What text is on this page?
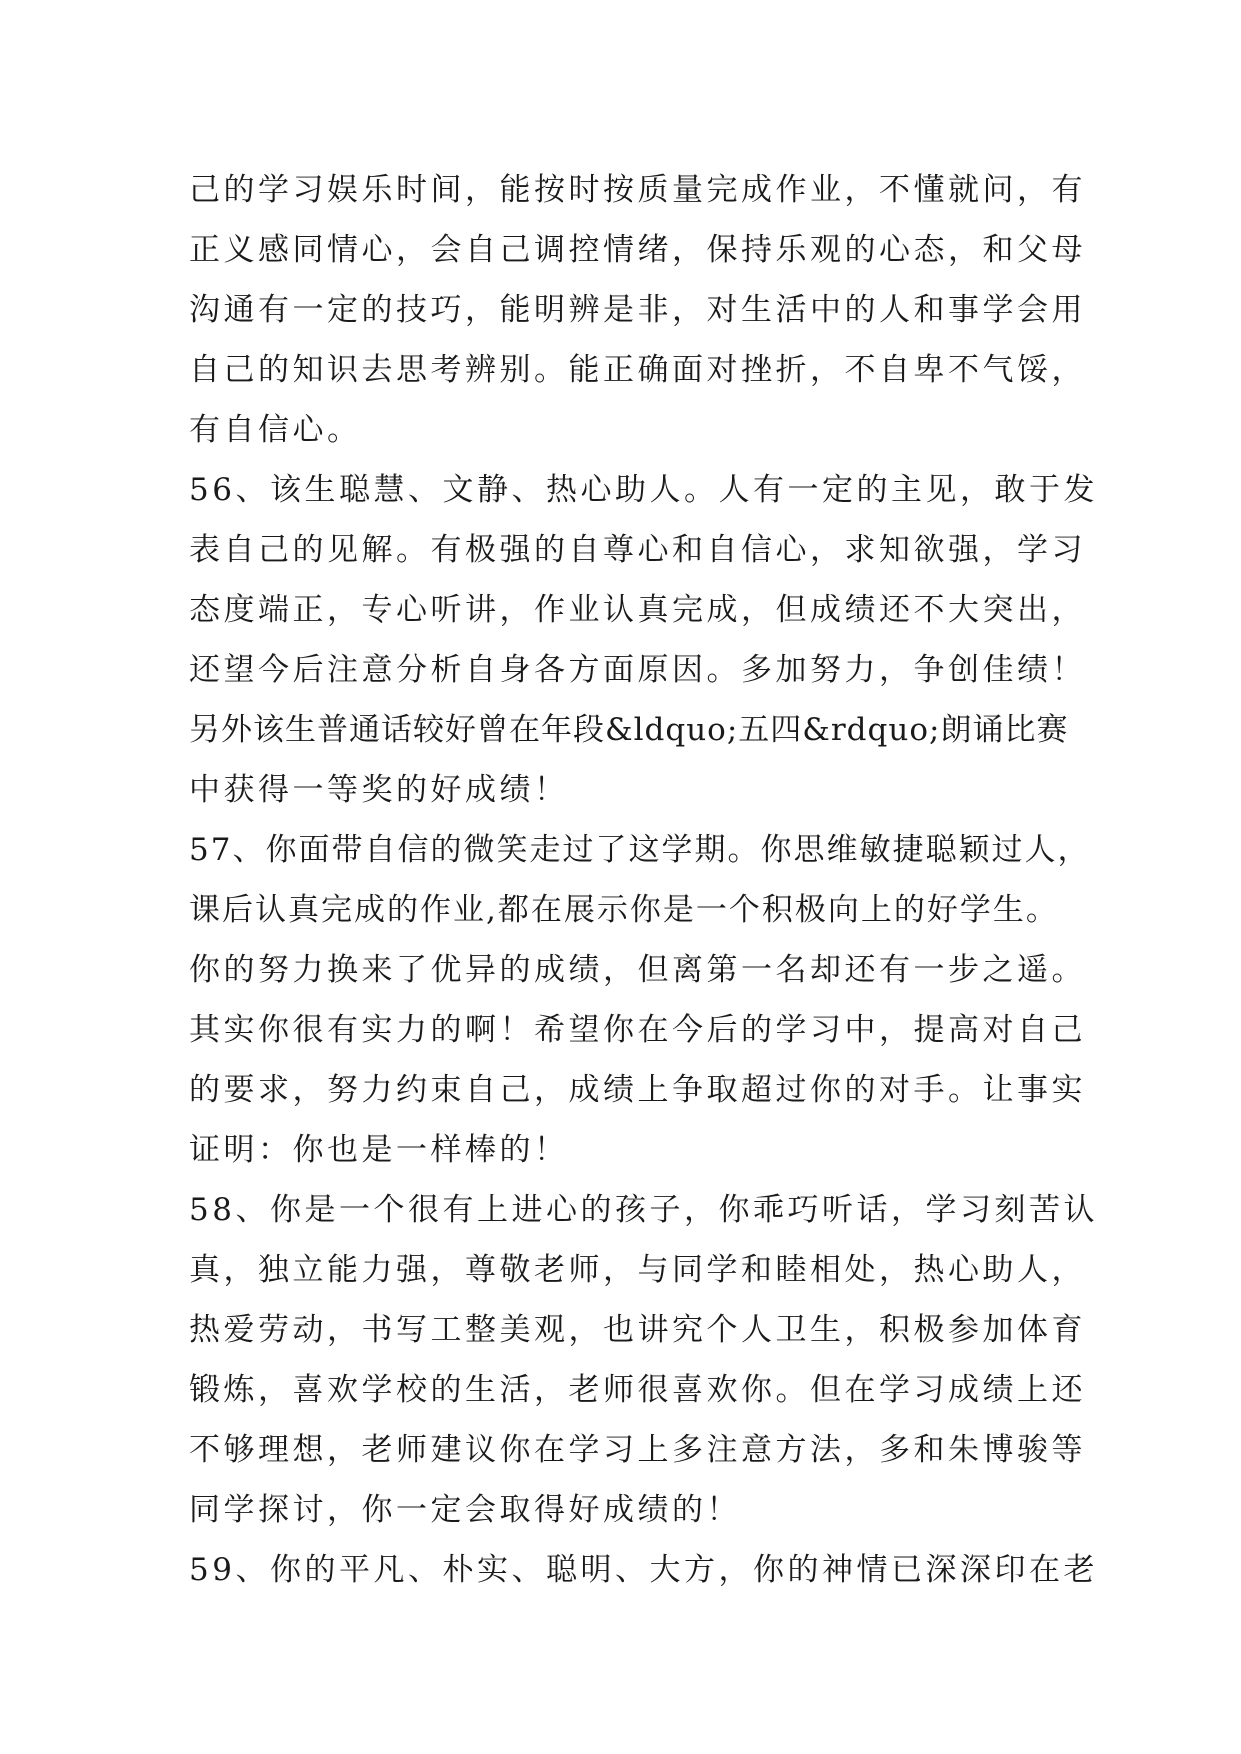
己的学习娱乐时间，能按时按质量完成作业，不懂就问，有
正义感同情心，会自己调控情绪，保持乐观的心态，和父母
沟通有一定的技巧，能明辨是非，对生活中的人和事学会用
自己的知识去思考辨别。能正确面对挫折，不自卑不气馁，
有自信心。
56、该生聪慧、文静、热心助人。人有一定的主见，敢于发
表自己的见解。有极强的自尊心和自信心，求知欲强，学习
态度端正，专心听讲，作业认真完成，但成绩还不大突出，
还望今后注意分析自身各方面原因。多加努力，争创佳绩！
另外该生普通话较好曾在年段&ldquo;五四&rdquo;朗诵比赛
中获得一等奖的好成绩！
57、你面带自信的微笑走过了这学期。你思维敏捷聪颖过人，
课后认真完成的作业,都在展示你是一个积极向上的好学生。
你的努力换来了优异的成绩，但离第一名却还有一步之遥。
其实你很有实力的啊！希望你在今后的学习中，提高对自己
的要求，努力约束自己，成绩上争取超过你的对手。让事实
证明：你也是一样棒的！
58、你是一个很有上进心的孩子，你乖巧听话，学习刻苦认
真，独立能力强，尊敬老师，与同学和睦相处，热心助人，
热爱劳动，书写工整美观，也讲究个人卫生，积极参加体育
锻炼，喜欢学校的生活，老师很喜欢你。但在学习成绩上还
不够理想，老师建议你在学习上多注意方法，多和朱博骏等
同学探讨，你一定会取得好成绩的！
59、你的平凡、朴实、聪明、大方，你的神情已深深印在老
